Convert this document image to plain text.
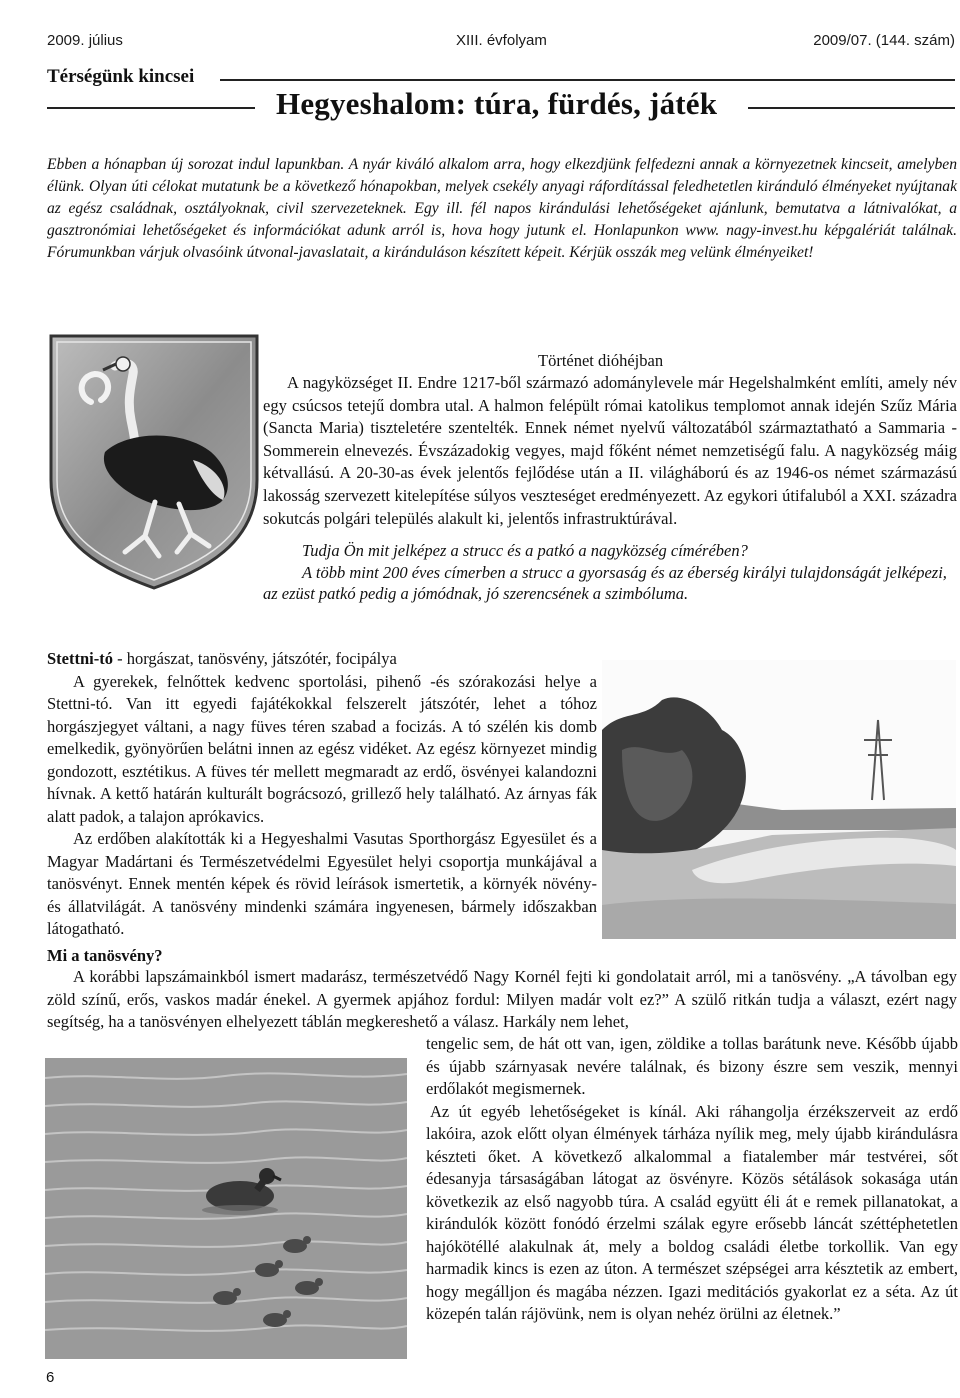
2009. július	XIII. évfolyam	2009/07. (144. szám)
Térségünk kincsei
Hegyeshalom: túra, fürdés, játék

Ebben a hónapban új sorozat indul lapunkban. A nyár kiváló alkalom arra, hogy elkezdjünk felfedezni annak a környezetnek kincseit, amelyben élünk. Olyan úti célokat mutatunk be a következő hónapokban, melyek csekély anyagi ráfordítással feledhetetlen kiránduló élményeket nyújtanak az egész családnak, osztályoknak, civil szervezeteknek. Egy ill. fél napos kirándulási lehetőségeket ajánlunk, bemutatva a látnivalókat, a gasztronómiai lehetőségeket és információkat adunk arról is, hova hogy jutunk el. Honlapunkon www. nagy-invest.hu képgalériát találnak. Fórumunkban várjuk olvasóink útvonal-javaslatait, a kiránduláson készített képeit. Kérjük osszák meg velünk élményeiket!

Történet dióhéjban

A nagyközséget II. Endre 1217-ből származó adománylevele már Hegelshalmként említi, amely név egy csúcsos tetejű dombra utal. A halmon felépült római katolikus templomot annak idején Szűz Mária (Sancta Maria) tiszteletére szentelték. Ennek német nyelvű változatából származtatható a Sammaria -Sommerein elnevezés. Évszázadokig vegyes, majd főként német nemzetiségű falu. A nagyközség máig kétvallású. A 20-30-as évek jelentős fejlődése után a II. világháború és az 1946-os német származású lakosság szervezett kitelepítése súlyos veszteséget eredményezett. Az egykori útifaluból a XXI. századra sokutcás polgári település alakult ki, jelentős infrastruktúrával.

Tudja Ön mit jelképez a strucc és a patkó a nagyközség címérében?
A több mint 200 éves címerben a strucc a gyorsaság és az éberség királyi tulajdonságát jelképezi, az ezüst patkó pedig a jómódnak, jó szerencsének a szimbóluma.

Stettni-tó - horgászat, tanösvény, játszótér, focipálya

A gyerekek, felnőttek kedvenc sportolási, pihenő -és szórakozási helye a Stettni-tó. Van itt egyedi fajátékokkal felszerelt játszótér, lehet a tóhoz horgászjegyet váltani, a nagy füves téren szabad a focizás. A tó szélén kis domb emelkedik, gyönyörűen belátni innen az egész vidéket. Az egész környezet mindig gondozott, esztétikus. A füves tér mellett megmaradt az erdő, ösvényei kalandozni hívnak. A kettő határán kulturált bográcsozó, grillező hely található. Az árnyas fák alatt padok, a talajon aprókavics.

Az erdőben alakították ki a Hegyeshalmi Vasutas Sporthorgász Egyesület és a Magyar Madártani és Természetvédelmi Egyesület helyi csoportja munkájával a tanösvényt. Ennek mentén képek és rövid leírások ismertetik, a környék növény- és állatvilágát. A tanösvény mindenki számára ingyenesen, bármely időszakban látogatható.

Mi a tanösvény?

A korábbi lapszámainkból ismert madarász, természetvédő Nagy Kornél fejti ki gondolatait arról, mi a tanösvény. „A távolban egy zöld színű, erős, vaskos madár énekel. A gyermek apjához fordul: Milyen madár volt ez?” A szülő ritkán tudja a választ, ezért nagy segítség, ha a tanösvényen elhelyezett táblán megkereshető a válasz. Harkály nem lehet,

tengelic sem, de hát ott van, igen, zöldike a tollas barátunk neve. Később újabb és újabb szárnyasak nevére találnak, és bizony észre sem veszik, mennyi erdőlakót megismernek.
Az út egyéb lehetőségeket is kínál. Aki ráhangolja érzékszerveit az erdő lakóira, azok előtt olyan élmények tárháza nyílik meg, mely újabb kirándulásra készteti őket. A következő alkalommal a fiatalember már testvérei, sőt édesanyja társaságában látogat az ösvényre. Közös sétálások sokasága után következik az első nagyobb túra. A család együtt éli át e remek pillanatokat, a kirándulók között fonódó érzelmi szálak egyre erősebb láncát széttéphetetlen hajókötéllé alakulnak át, mely a boldog családi életbe torkollik. Van egy harmadik kincs is ezen az úton. A természet szépségei arra késztetik az embert, hogy megálljon és magába nézzen. Igazi meditációs gyakorlat ez a séta. Az út közepén talán rájövünk, nem is olyan nehéz örülni az életnek.”
6
